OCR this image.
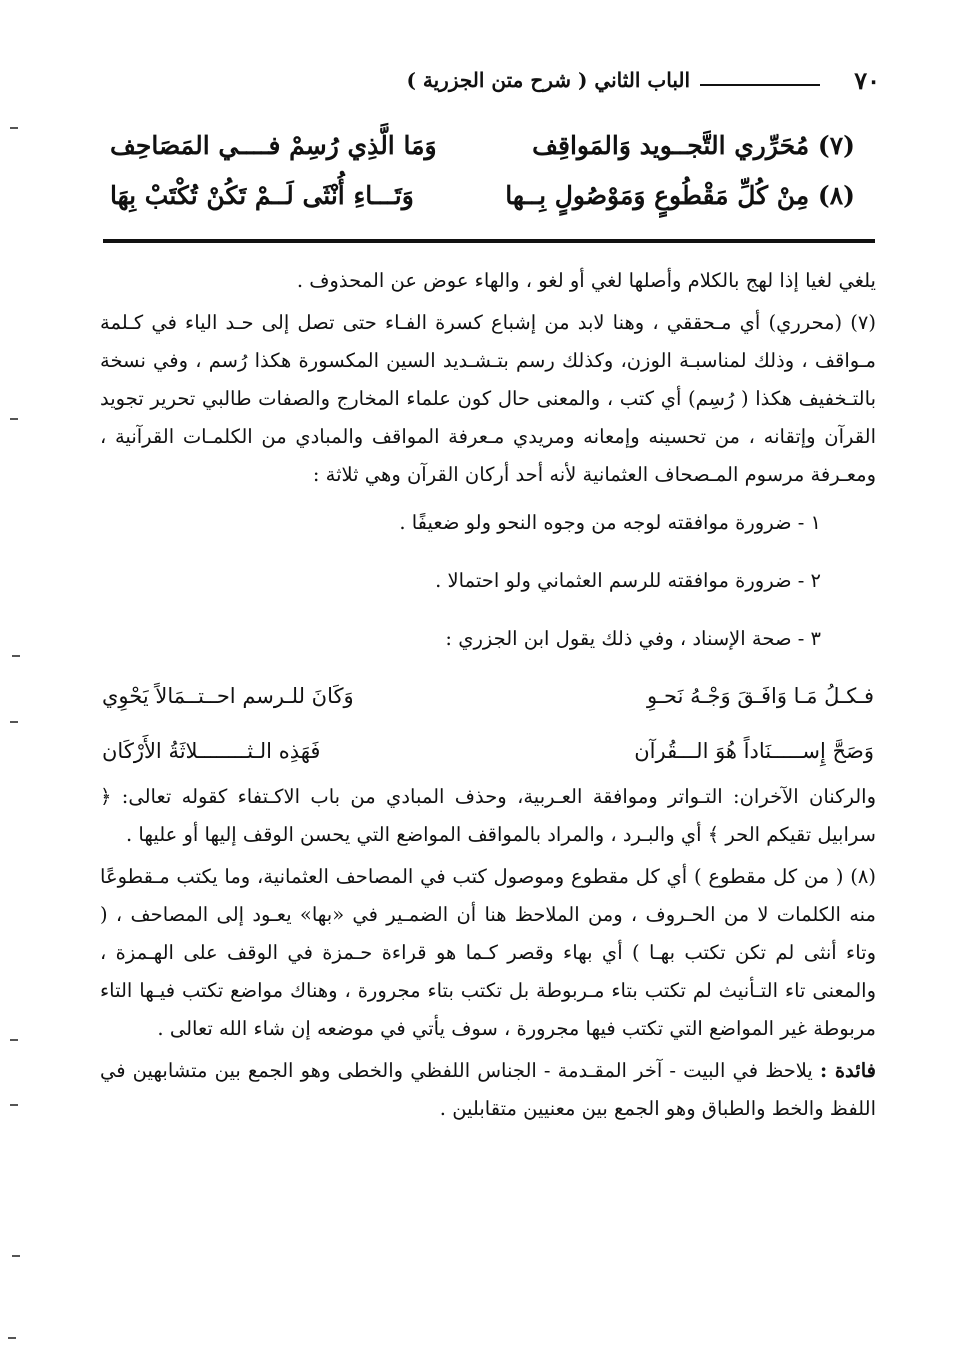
٧٠
الباب الثاني ( شرح متن الجزرية )
(٧) مُحَرِّري التَّجــويد وَالمَواقِف
وَمَا الَّذِي رُسِمْ فــــي المَصَاحِف
(٨) مِنْ كُلِّ مَقْطُوعٍ وَمَوْصُولٍ بِــها
وَتَـــاءِ أُنْثَى لَــمْ تَكُنْ تُكْتَبْ بِهَا

يلغي لغيا إذا لهج بالكلام وأصلها لغي أو لغو ، والهاء عوض عن المحذوف .

(٧) (محرري) أي مـحققي ، وهنا لابد من إشباع كسرة الفـاء حتى تصل إلى حـد الياء في كـلمة مـواقف ، وذلك لمناسبـة الوزن، وكذلك رسم بتـشـديد السين المكسورة هكذا رُسم ، وفي نسخة بالتـخفيف هكذا ( رُسِم) أي كتب ، والمعنى حال كون علماء المخارج والصفات طالبي تحرير تجويد القرآن وإتقانه ، من تحسينه وإمعانه ومريدي مـعرفة المواقف والمبادي من الكلمـات القرآنية ، ومعـرفة مرسوم المـصحاف العثمانية لأنه أحد أركان القرآن وهي ثلاثة :

١ - ضرورة موافقته لوجه من وجوه النحو ولو ضعيفًا .

٢ - ضرورة موافقته للرسم العثماني ولو احتمالا .

٣ - صحة الإسناد ، وفي ذلك يقول ابن الجزري :

فـكـلُ مَـا وَافَـقَ وَجْـهُ نَحـوِ
وَكَانَ للـرسم احــتــمَالاً يَحْوِي
وَصَحَّ إِســـــنَاداً هُوَ الـــقُرآن
فَهَذِه الـثــــــــلاثَةُ الأَرْكَان

والركنان الآخران: التـواتر وموافقة العـربية، وحذف المبادي من باب الاكـتفاء كقوله تعالى: ﴿ سرابيل تقيكم الحر ﴾ أي والبـرد ، والمراد بالمواقف المواضع التي يحسن الوقف إليها أو عليها .

(٨) ( من كل مقطوع ) أي كل مقطوع وموصول كتب في المصاحف العثمانية، وما يكتب مـقطوعًا منه الكلمات لا من الحـروف ، ومن الملاحظ هنا أن الضمـير في «بها» يعـود إلى المصاحف ، ( وتاء أنثى لم تكن تكتب بهـا ) أي بهاء وقصر كـما هو قراءة حـمزة في الوقف على الهـمزة ، والمعنى تاء التـأنيث لم تكتب بتاء مـربوطة بل تكتب بتاء مجرورة ، وهناك مواضع تكتب فيـها التاء مربوطة غير المواضع التي تكتب فيها مجرورة ، سوف يأتي في موضعه إن شاء الله تعالى .

فائدة : يلاحظ في البيت - آخر المقـدمة - الجناس اللفظي والخطى وهو الجمع بين متشابهين في اللفظ والخط والطباق وهو الجمع بين معنيين متقابلين .
